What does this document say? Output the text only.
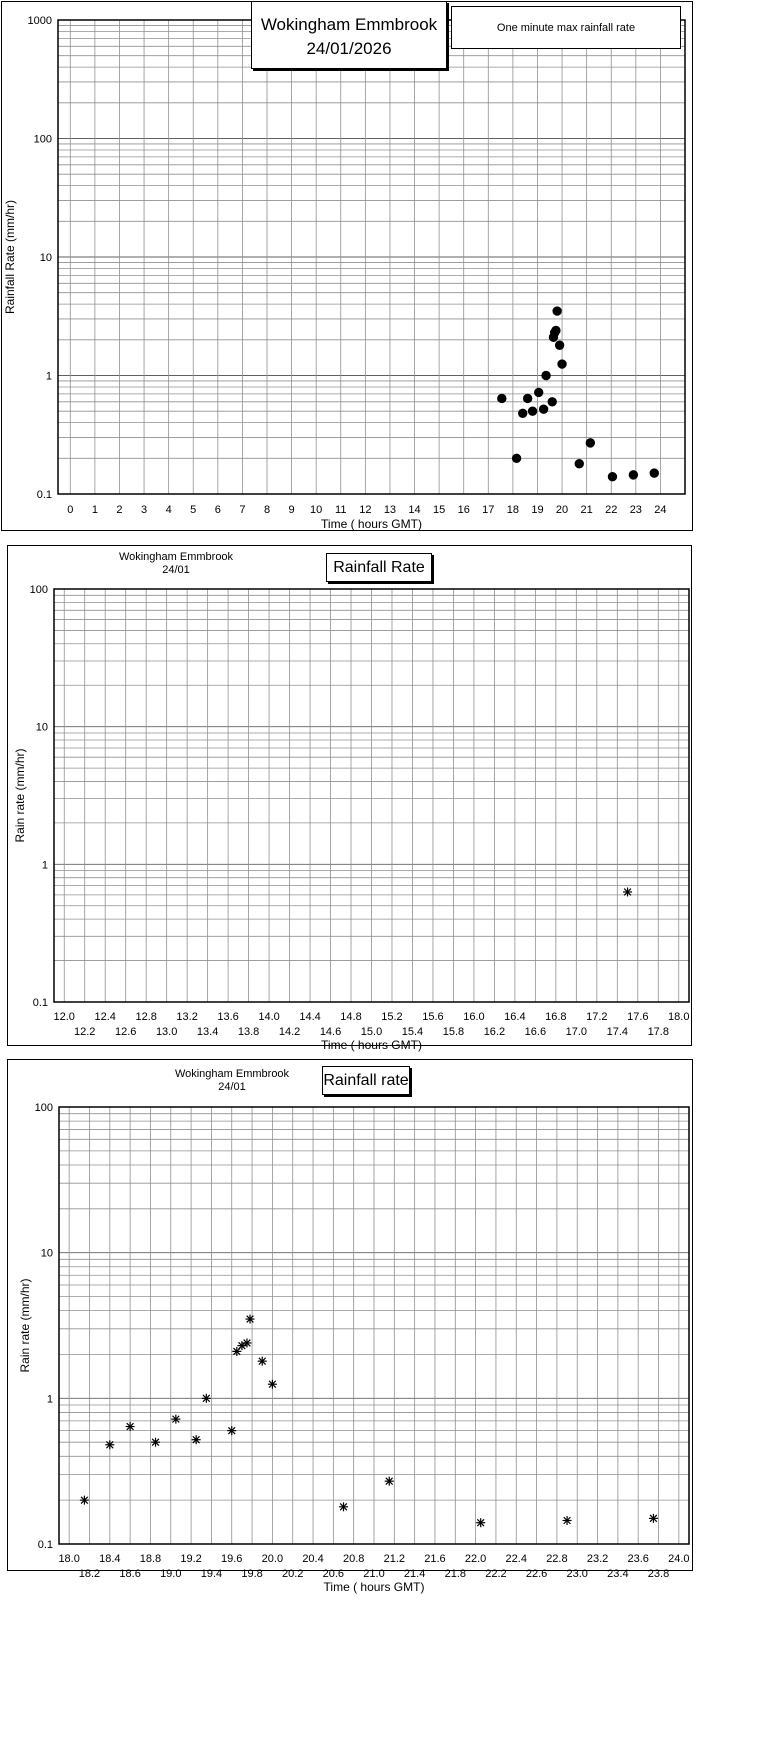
0.1
1
10
100
1000
0 1 2 3 4 5 6 7 8 9 10 11 12 13 14 15 16 17 18 19 20 21 22 23 24
Time ( hours GMT)
Rainfall Rate (mm/hr)
Wokingham Emmbrook
24/01/2026
One minute max rainfall rate
0.1
1
10
100
12.0
12.2
12.4
12.6
12.8
13.0
13.2
13.4
13.6
13.8
14.0
14.2
14.4
14.6
14.8
15.0
15.2
15.4
15.6
15.8
16.0
16.2
16.4
16.6
16.8
17.0
17.2
17.4
17.6
17.8
18.0
Time ( hours GMT)
Rain rate (mm/hr)
Wokingham Emmbrook
24/01	Rainfall Rate
0.1
1
10
100
18.0
18.2
18.4
18.6
18.8
19.0
19.2
19.4
19.6
19.8
20.0
20.2
20.4
20.6
20.8
21.0
21.2
21.4
21.6
21.8
22.0
22.2
22.4
22.6
22.8
23.0
23.2
23.4
23.6
23.8
24.0
Time ( hours GMT)
Rain rate (mm/hr)
Wokingham Emmbrook
24/01	Rainfall rate
